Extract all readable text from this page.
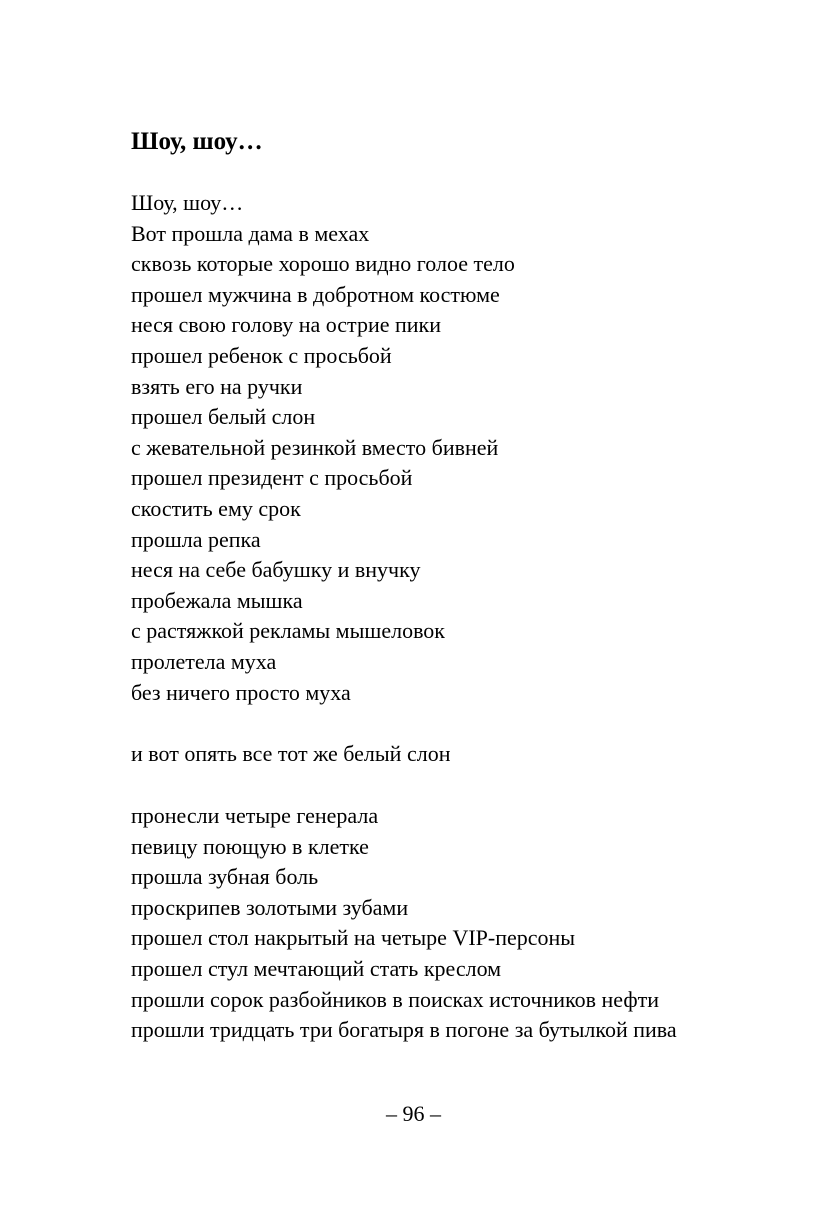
Шоу, шоу…
Шоу, шоу…
Вот прошла дама в мехах
сквозь которые хорошо видно голое тело
прошел мужчина в добротном костюме
неся свою голову на острие пики
прошел ребенок с просьбой
взять его на ручки
прошел белый слон
с жевательной резинкой вместо бивней
прошел президент с просьбой
скостить ему срок
прошла репка
неся на себе бабушку и внучку
пробежала мышка
с растяжкой рекламы мышеловок
пролетела муха
без ничего просто муха
и вот опять все тот же белый слон
пронесли четыре генерала
певицу поющую в клетке
прошла зубная боль
проскрипев золотыми зубами
прошел стол накрытый на четыре VIP-персоны
прошел стул мечтающий стать креслом
прошли сорок разбойников в поисках источников нефти
прошли тридцать три богатыря в погоне за бутылкой пива
– 96 –
